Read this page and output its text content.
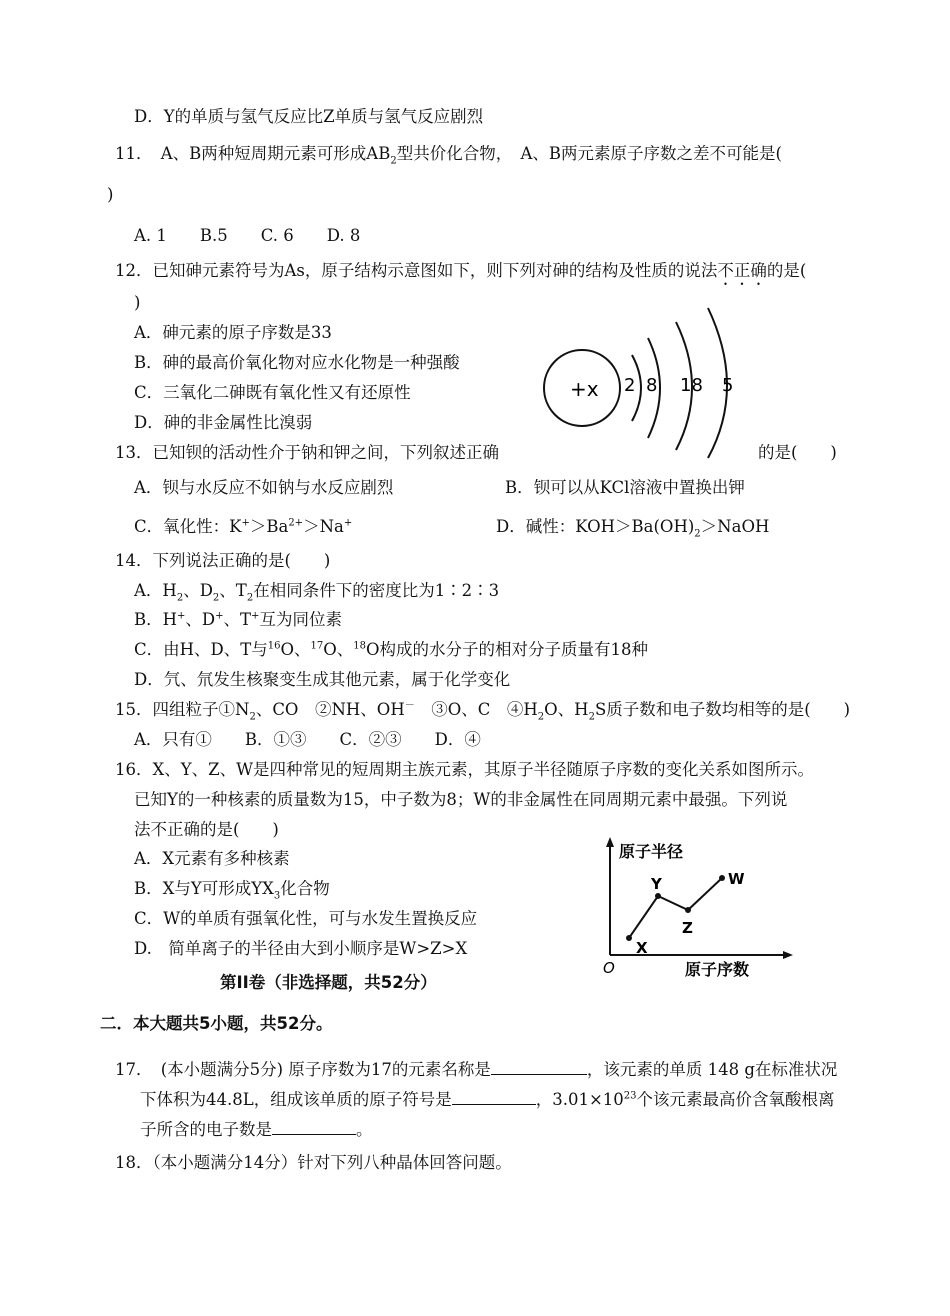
D．Y的单质与氢气反应比Z单质与氢气反应剧烈
11．　A、B两种短周期元素可形成$AB_2$型共价化合物，　A、B两元素原子序数之差不可能是(
)
A. 1　　B.5　　C. 6　　D. 8
12．已知砷元素符号为As，原子结构示意图如下，则下列对砷的结构及性质的说法不正确的是(
)
A．砷元素的原子序数是33
B．砷的最高价氧化物对应水化物是一种强酸
C．三氧化二砷既有氧化性又有还原性
D．砷的非金属性比溴弱
+x 2 8 18 5
13．已知钡的活动性介于钠和钾之间，下列叙述正确	的是(　　)
A．钡与水反应不如钠与水反应剧烈	B．钡可以从KCl溶液中置换出钾
C．氧化性：$K^+>Ba^{2+}>Na^+$	D．碱性：$KOH>Ba(OH)_2>NaOH$
14．下列说法正确的是(　　)
A．$H_2$、$D_2$、$T_2$在相同条件下的密度比为1∶2∶3
B．H+、D+、T+互为同位素
C．由H、D、T与$^{16}$O、$^{17}$O、$^{18}$O构成的水分子的相对分子质量有18种
D．氕、氘发生核聚变生成其他元素，属于化学变化
15．四组粒子$①N_2$、CO　②NH、OH－　③O、C　$④H_2O$、$H_2S$质子数和电子数均相等的是(　　)
A．只有①　　B．①③　　C．②③　　D．④
16．X、Y、Z、W是四种常见的短周期主族元素，其原子半径随原子序数的变化关系如图所示。
已知Y的一种核素的质量数为15，中子数为8；W的非金属性在同周期元素中最强。下列说
法不正确的是(　　)
A．X元素有多种核素
B．X与Y可形成$YX_3$化合物
C．W的单质有强氧化性，可与水发生置换反应
D.　简单离子的半径由大到小顺序是W>Z>X
原子半径
原子序数
O
X
Y
Z
W
第II卷（非选择题，共52分）
二．本大题共5小题，共52分。
17．　(本小题满分5分) 原子序数为17的元素名称是	，该元素的单质 148 g在标准状况
下体积为44.8L，组成该单质的原子符号是	，$3.01\times 10^{23}$个该元素最高价含氧酸根离
子所含的电子数是	。
18．（本小题满分14分）针对下列八种晶体回答问题。
